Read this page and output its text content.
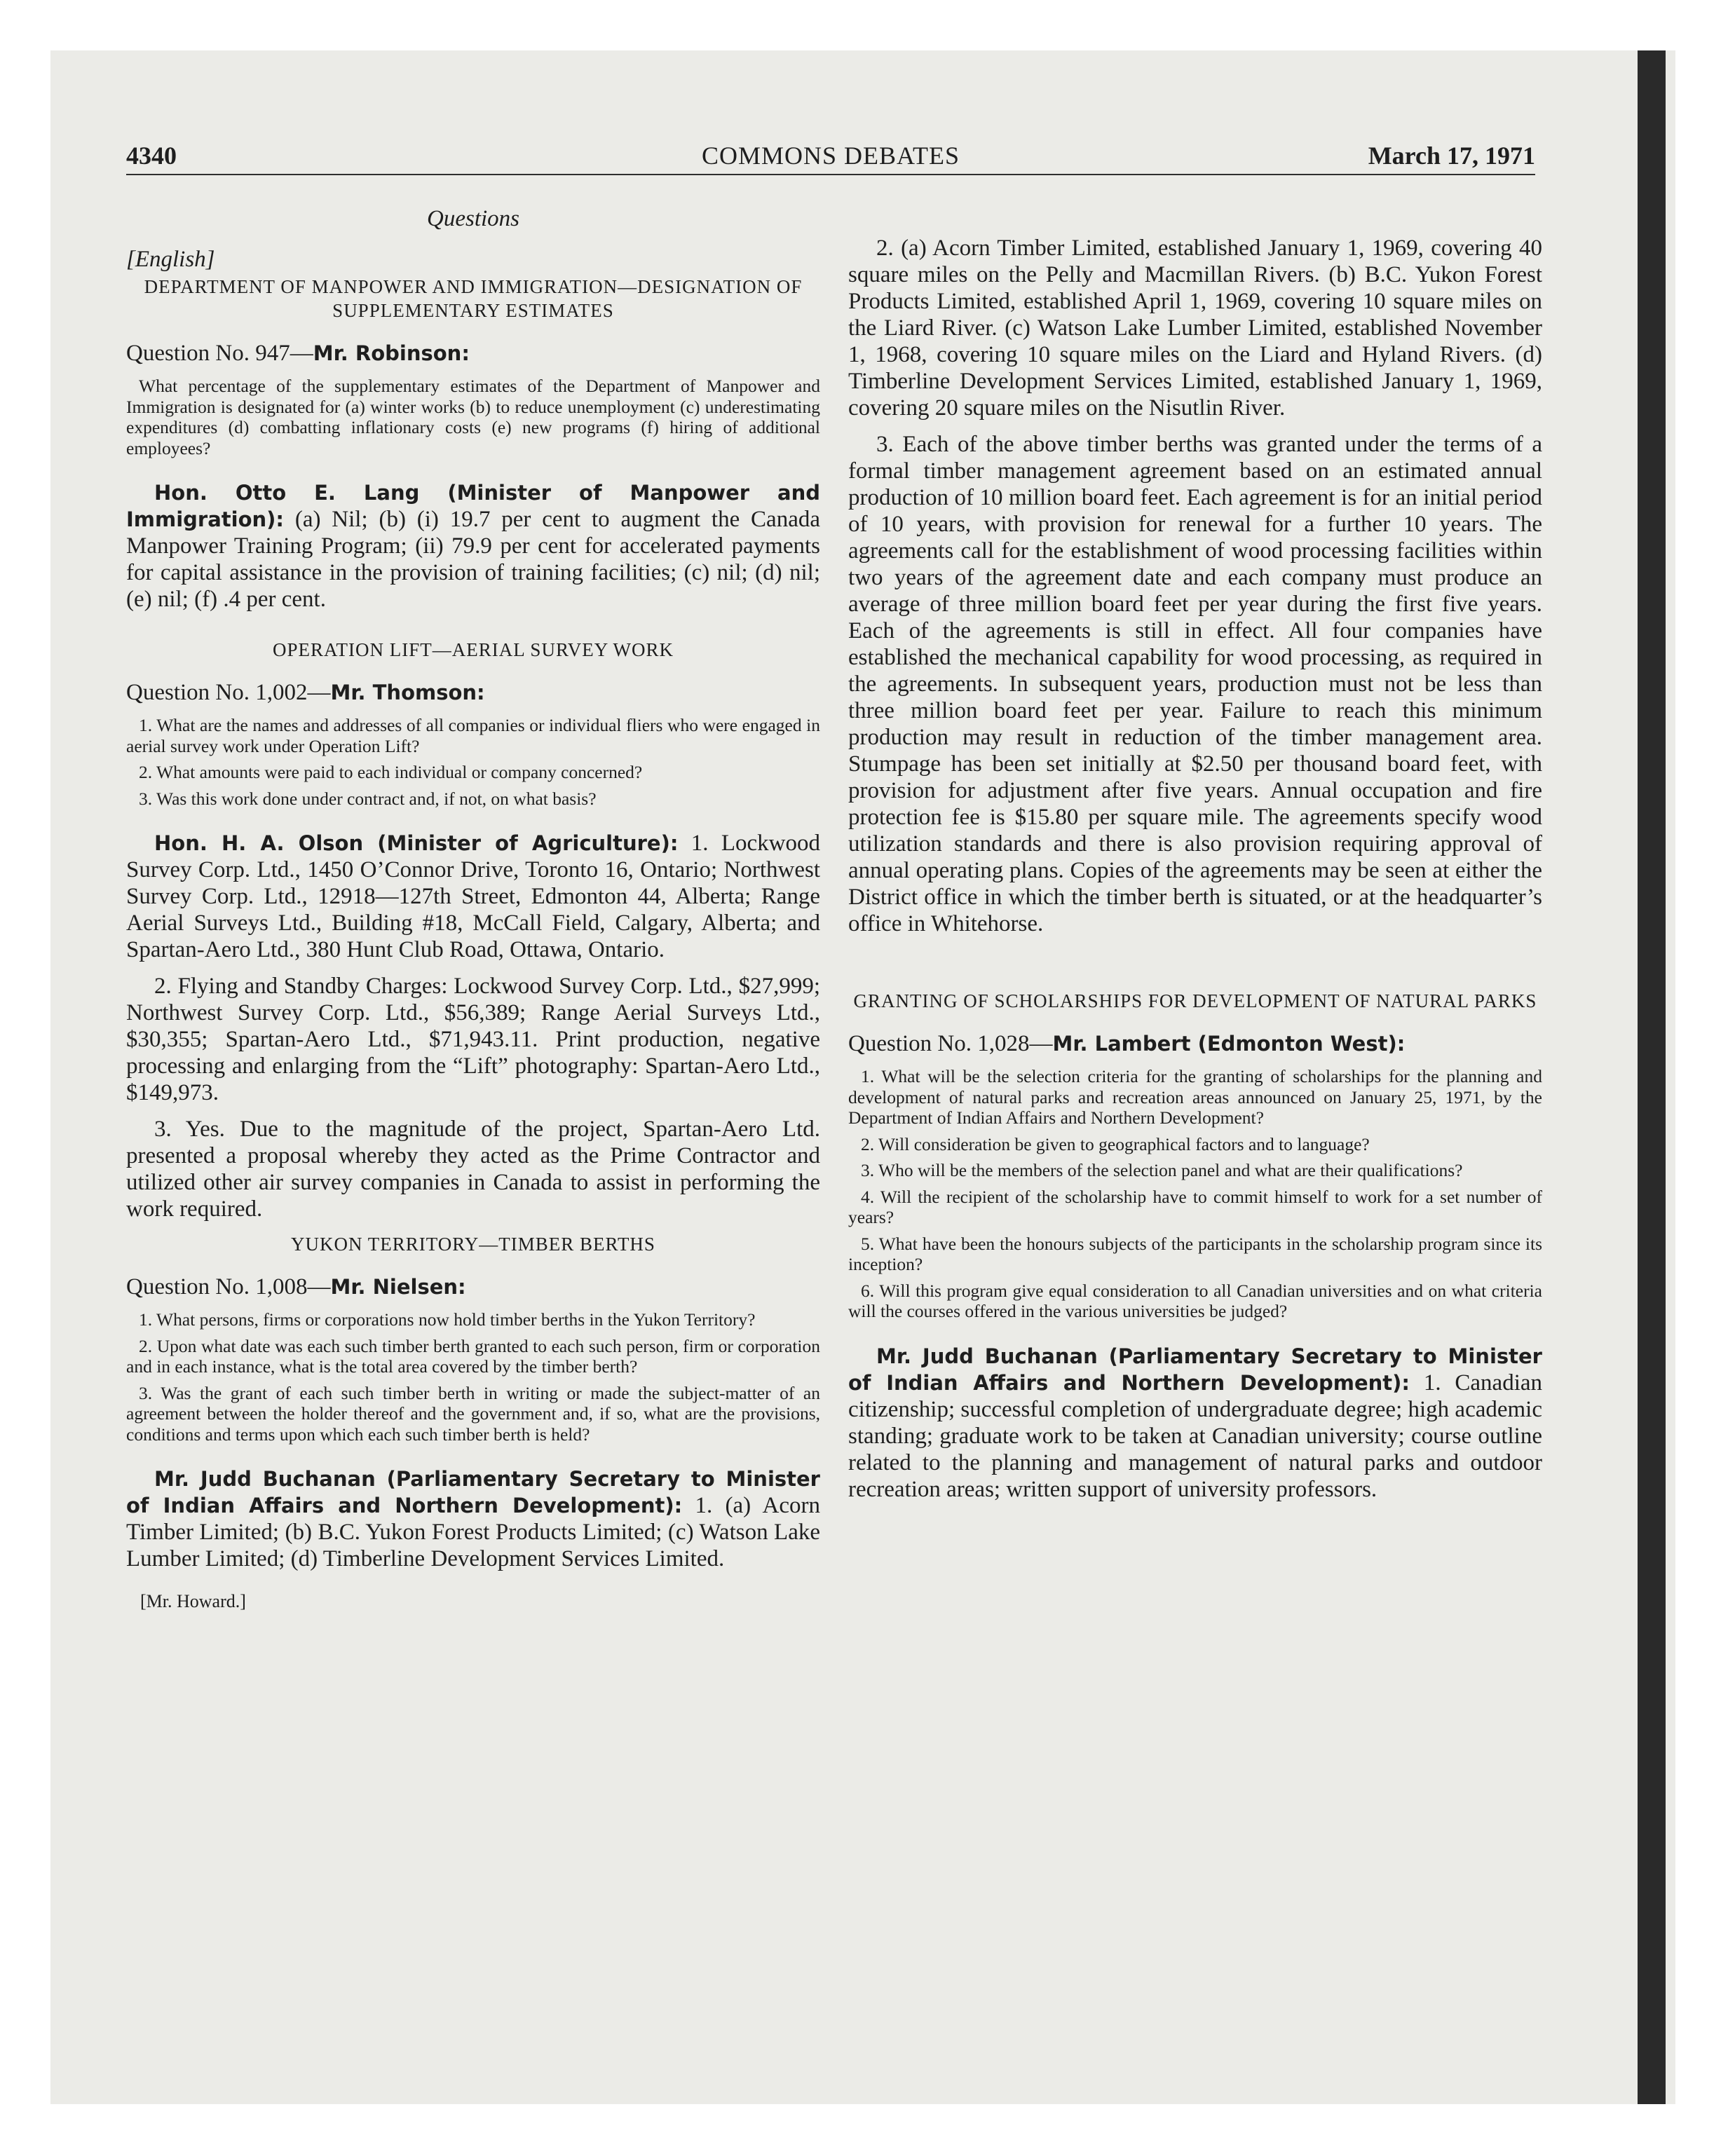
COMMONS DEBATES
4340	March 17, 1971

Questions

[English]

DEPARTMENT OF MANPOWER AND IMMIGRATION—DESIGNATION OF SUPPLEMENTARY ESTIMATES

Question No. 947—Mr. Robinson:

What percentage of the supplementary estimates of the Department of Manpower and Immigration is designated for (a) winter works (b) to reduce unemployment (c) underestimating expenditures (d) combatting inflationary costs (e) new programs (f) hiring of additional employees?

Hon. Otto E. Lang (Minister of Manpower and Immigration): (a) Nil; (b) (i) 19.7 per cent to augment the Canada Manpower Training Program; (ii) 79.9 per cent for accelerated payments for capital assistance in the provision of training facilities; (c) nil; (d) nil; (e) nil; (f) .4 per cent.

OPERATION LIFT—AERIAL SURVEY WORK

Question No. 1,002—Mr. Thomson:

1. What are the names and addresses of all companies or individual fliers who were engaged in aerial survey work under Operation Lift?

2. What amounts were paid to each individual or company concerned?

3. Was this work done under contract and, if not, on what basis?

Hon. H. A. Olson (Minister of Agriculture): 1. Lockwood Survey Corp. Ltd., 1450 O’Connor Drive, Toronto 16, Ontario; Northwest Survey Corp. Ltd., 12918—127th Street, Edmonton 44, Alberta; Range Aerial Surveys Ltd., Building #18, McCall Field, Calgary, Alberta; and Spartan-Aero Ltd., 380 Hunt Club Road, Ottawa, Ontario.

2. Flying and Standby Charges: Lockwood Survey Corp. Ltd., $27,999; Northwest Survey Corp. Ltd., $56,389; Range Aerial Surveys Ltd., $30,355; Spartan-Aero Ltd., $71,943.11. Print production, negative processing and enlarging from the “Lift” photography: Spartan-Aero Ltd., $149,973.

3. Yes. Due to the magnitude of the project, Spartan-Aero Ltd. presented a proposal whereby they acted as the Prime Contractor and utilized other air survey companies in Canada to assist in performing the work required.

YUKON TERRITORY—TIMBER BERTHS

Question No. 1,008—Mr. Nielsen:

1. What persons, firms or corporations now hold timber berths in the Yukon Territory?

2. Upon what date was each such timber berth granted to each such person, firm or corporation and in each instance, what is the total area covered by the timber berth?

3. Was the grant of each such timber berth in writing or made the subject-matter of an agreement between the holder thereof and the government and, if so, what are the provisions, conditions and terms upon which each such timber berth is held?

Mr. Judd Buchanan (Parliamentary Secretary to Minister of Indian Affairs and Northern Development): 1. (a) Acorn Timber Limited; (b) B.C. Yukon Forest Products Limited; (c) Watson Lake Lumber Limited; (d) Timberline Development Services Limited.

[Mr. Howard.]

2. (a) Acorn Timber Limited, established January 1, 1969, covering 40 square miles on the Pelly and Macmillan Rivers. (b) B.C. Yukon Forest Products Limited, established April 1, 1969, covering 10 square miles on the Liard River. (c) Watson Lake Lumber Limited, established November 1, 1968, covering 10 square miles on the Liard and Hyland Rivers. (d) Timberline Development Services Limited, established January 1, 1969, covering 20 square miles on the Nisutlin River.

3. Each of the above timber berths was granted under the terms of a formal timber management agreement based on an estimated annual production of 10 million board feet. Each agreement is for an initial period of 10 years, with provision for renewal for a further 10 years. The agreements call for the establishment of wood processing facilities within two years of the agreement date and each company must produce an average of three million board feet per year during the first five years. Each of the agreements is still in effect. All four companies have established the mechanical capability for wood processing, as required in the agreements. In subsequent years, production must not be less than three million board feet per year. Failure to reach this minimum production may result in reduction of the timber management area. Stumpage has been set initially at $2.50 per thousand board feet, with provision for adjustment after five years. Annual occupation and fire protection fee is $15.80 per square mile. The agreements specify wood utilization standards and there is also provision requiring approval of annual operating plans. Copies of the agreements may be seen at either the District office in which the timber berth is situated, or at the headquarter’s office in Whitehorse.

GRANTING OF SCHOLARSHIPS FOR DEVELOPMENT OF NATURAL PARKS

Question No. 1,028—Mr. Lambert (Edmonton West):

1. What will be the selection criteria for the granting of scholarships for the planning and development of natural parks and recreation areas announced on January 25, 1971, by the Department of Indian Affairs and Northern Development?

2. Will consideration be given to geographical factors and to language?

3. Who will be the members of the selection panel and what are their qualifications?

4. Will the recipient of the scholarship have to commit himself to work for a set number of years?

5. What have been the honours subjects of the participants in the scholarship program since its inception?

6. Will this program give equal consideration to all Canadian universities and on what criteria will the courses offered in the various universities be judged?

Mr. Judd Buchanan (Parliamentary Secretary to Minister of Indian Affairs and Northern Development): 1. Canadian citizenship; successful completion of undergraduate degree; high academic standing; graduate work to be taken at Canadian university; course outline related to the planning and management of natural parks and outdoor recreation areas; written support of university professors.
